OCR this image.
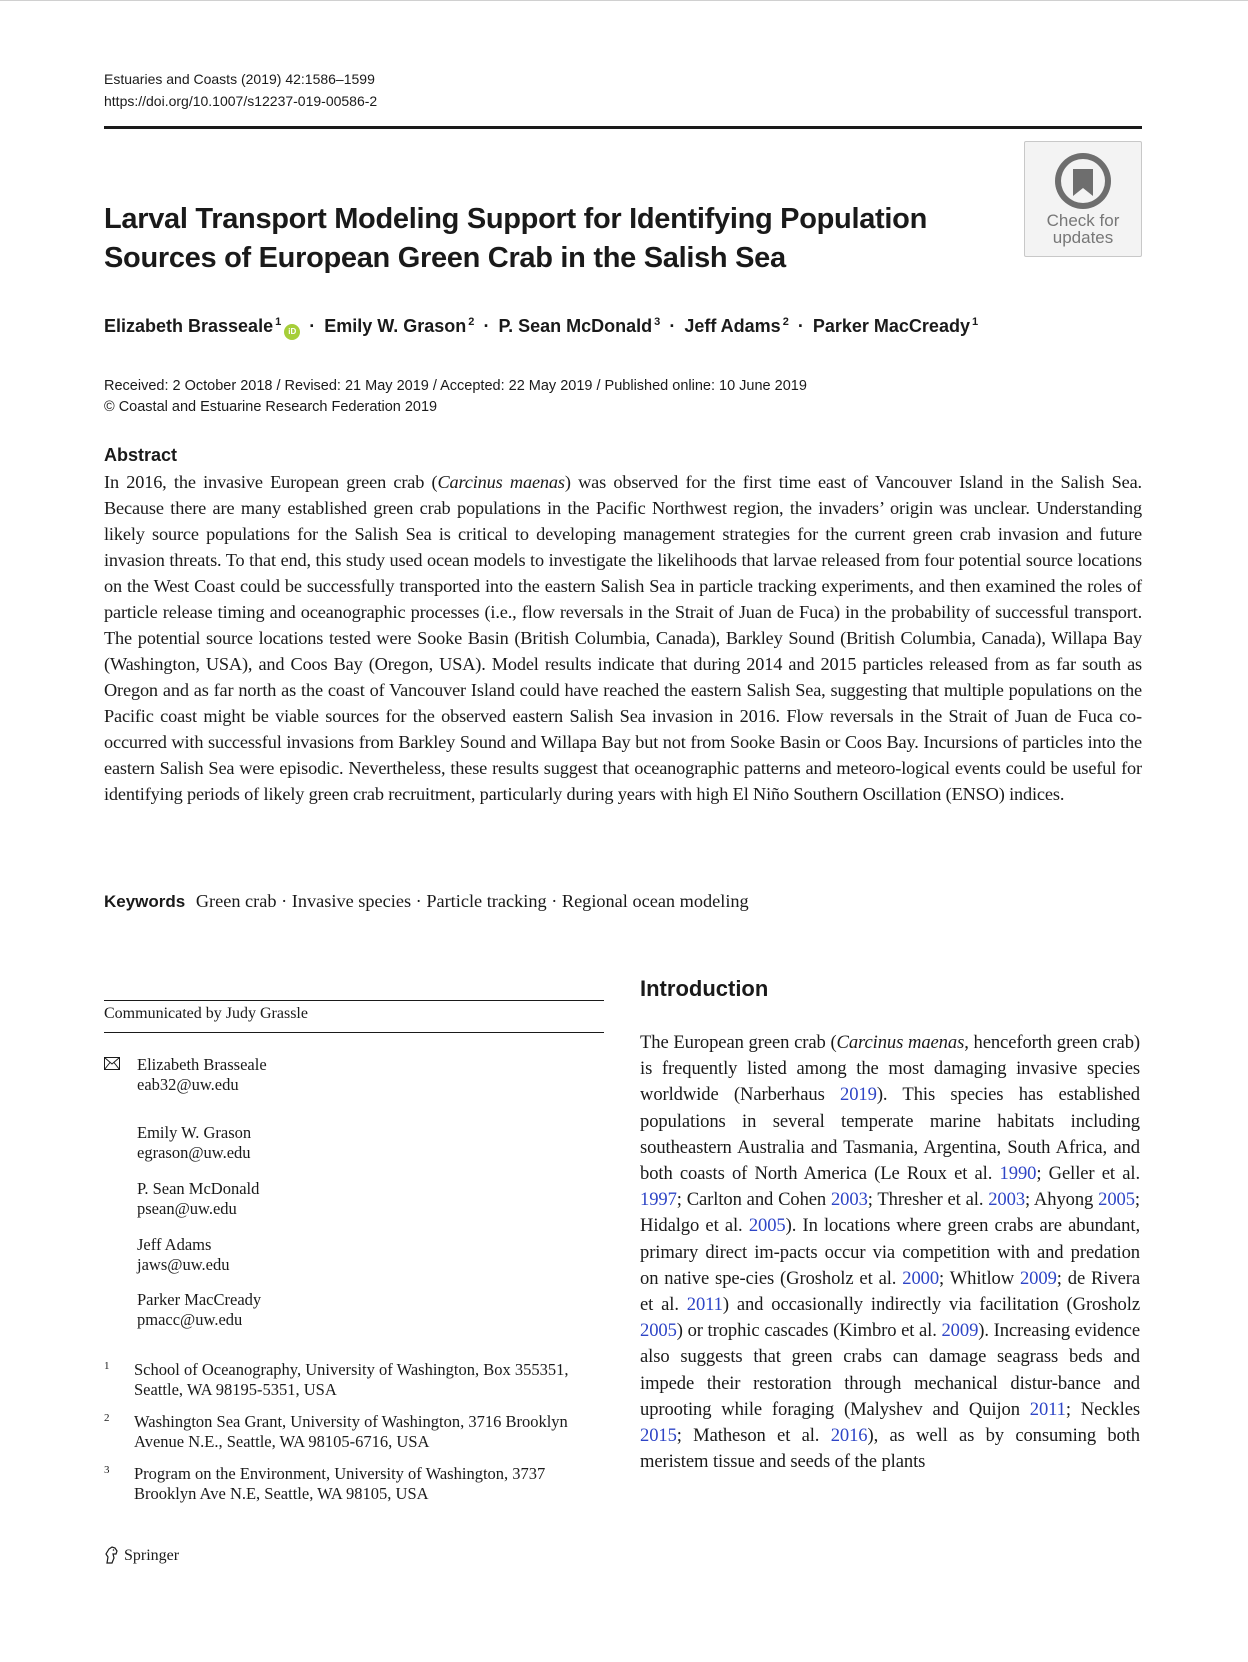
Estuaries and Coasts (2019) 42:1586–1599
https://doi.org/10.1007/s12237-019-00586-2
Check for
updates
Larval Transport Modeling Support for Identifying Population
Sources of European Green Crab in the Salish Sea
Elizabeth Brasseale $^1$iD · Emily W. Grason $^2$ · P. Sean McDonald $^3$ · Jeff Adams $^2$ · Parker MacCready $^1$
Received: 2 October 2018 / Revised: 21 May 2019 / Accepted: 22 May 2019 / Published online: 10 June 2019
© Coastal and Estuarine Research Federation 2019
Abstract
In 2016, the invasive European green crab (Carcinus maenas) was observed for the first time east of Vancouver Island in the Salish Sea. Because there are many established green crab populations in the Pacific Northwest region, the invaders’ origin was unclear. Understanding likely source populations for the Salish Sea is critical to developing management strategies for the current green crab invasion and future invasion threats. To that end, this study used ocean models to investigate the likelihoods that larvae released from four potential source locations on the West Coast could be successfully transported into the eastern Salish Sea in particle tracking experiments, and then examined the roles of particle release timing and oceanographic processes (i.e., flow reversals in the Strait of Juan de Fuca) in the probability of successful transport. The potential source locations tested were Sooke Basin (British Columbia, Canada), Barkley Sound (British Columbia, Canada), Willapa Bay (Washington, USA), and Coos Bay (Oregon, USA). Model results indicate that during 2014 and 2015 particles released from as far south as Oregon and as far north as the coast of Vancouver Island could have reached the eastern Salish Sea, suggesting that multiple populations on the Pacific coast might be viable sources for the observed eastern Salish Sea invasion in 2016. Flow reversals in the Strait of Juan de Fuca co-occurred with successful invasions from Barkley Sound and Willapa Bay but not from Sooke Basin or Coos Bay. Incursions of particles into the eastern Salish Sea were episodic. Nevertheless, these results suggest that oceanographic patterns and meteoro-logical events could be useful for identifying periods of likely green crab recruitment, particularly during years with high El Niño Southern Oscillation (ENSO) indices.
Keywords Green crab · Invasive species · Particle tracking · Regional ocean modeling
Communicated by Judy Grassle
Elizabeth Brasseale
eab32@uw.edu
Emily W. Grason
egrason@uw.edu
P. Sean McDonald
psean@uw.edu
Jeff Adams
jaws@uw.edu
Parker MacCready
pmacc@uw.edu
1 School of Oceanography, University of Washington, Box 355351, Seattle, WA 98195-5351, USA
2 Washington Sea Grant, University of Washington, 3716 Brooklyn Avenue N.E., Seattle, WA 98105-6716, USA
3 Program on the Environment, University of Washington, 3737 Brooklyn Ave N.E, Seattle, WA 98105, USA
Springer
Introduction
The European green crab (Carcinus maenas, henceforth green crab) is frequently listed among the most damaging invasive species worldwide (Narberhaus 2019). This species has established populations in several temperate marine habitats including southeastern Australia and Tasmania, Argentina, South Africa, and both coasts of North America (Le Roux et al. 1990; Geller et al. 1997; Carlton and Cohen 2003; Thresher et al. 2003; Ahyong 2005; Hidalgo et al. 2005). In locations where green crabs are abundant, primary direct im-pacts occur via competition with and predation on native spe-cies (Grosholz et al. 2000; Whitlow 2009; de Rivera et al. 2011) and occasionally indirectly via facilitation (Grosholz 2005) or trophic cascades (Kimbro et al. 2009). Increasing evidence also suggests that green crabs can damage seagrass beds and impede their restoration through mechanical distur-bance and uprooting while foraging (Malyshev and Quijon 2011; Neckles 2015; Matheson et al. 2016), as well as by consuming both meristem tissue and seeds of the plants
